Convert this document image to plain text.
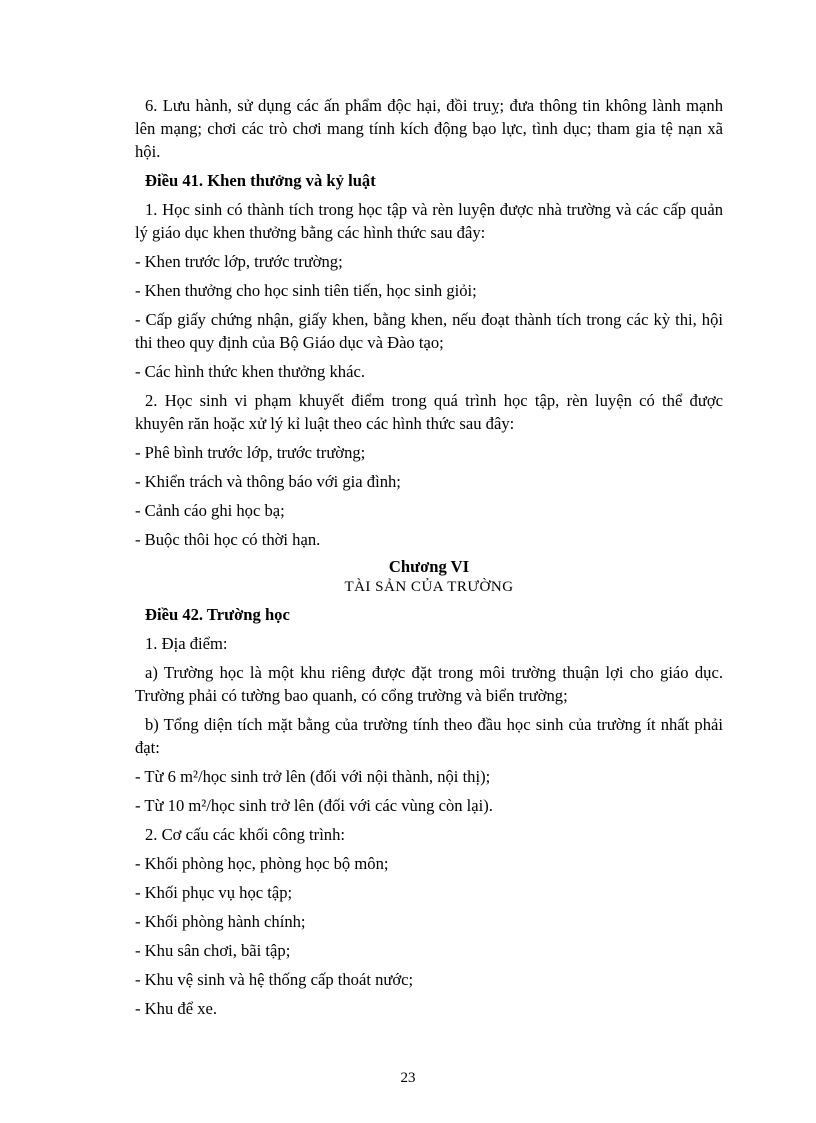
6. Lưu hành, sử dụng các ấn phẩm độc hại, đồi truỵ; đưa thông tin không lành mạnh lên mạng; chơi các trò chơi mang tính kích động bạo lực, tình dục; tham gia tệ nạn xã hội.

Điều 41. Khen thưởng và kỷ luật

1. Học sinh có thành tích trong học tập và rèn luyện được nhà trường và các cấp quản lý giáo dục khen thưởng bằng các hình thức sau đây:

- Khen trước lớp, trước trường;

- Khen thưởng cho học sinh tiên tiến, học sinh giỏi;

- Cấp giấy chứng nhận, giấy khen, bằng khen, nếu đoạt thành tích trong các kỳ thi, hội thi theo quy định của Bộ Giáo dục và Đào tạo;

- Các hình thức khen thưởng khác.

2. Học sinh vi phạm khuyết điểm trong quá trình học tập, rèn luyện có thể được khuyên răn hoặc xử lý kỉ luật theo các hình thức sau đây:

- Phê bình trước lớp, trước trường;

- Khiển trách và thông báo với gia đình;

- Cảnh cáo ghi học bạ;

- Buộc thôi học có thời hạn.

Chương VI

TÀI SẢN CỦA TRƯỜNG

Điều 42. Trường học

1. Địa điểm:

a) Trường học là một khu riêng được đặt trong môi trường thuận lợi cho giáo dục. Trường phải có tường bao quanh, có cổng trường và biển trường;

b) Tổng diện tích mặt bằng của trường tính theo đầu học sinh của trường ít nhất phải đạt:

- Từ 6 m²/học sinh trở lên (đối với nội thành, nội thị);

- Từ 10 m²/học sinh trở lên (đối với các vùng còn lại).

2. Cơ cấu các khối công trình:

- Khối phòng học, phòng học bộ môn;

- Khối phục vụ học tập;

- Khối phòng hành chính;

- Khu sân chơi, bãi tập;

- Khu vệ sinh và hệ thống cấp thoát nước;

- Khu để xe.

23
